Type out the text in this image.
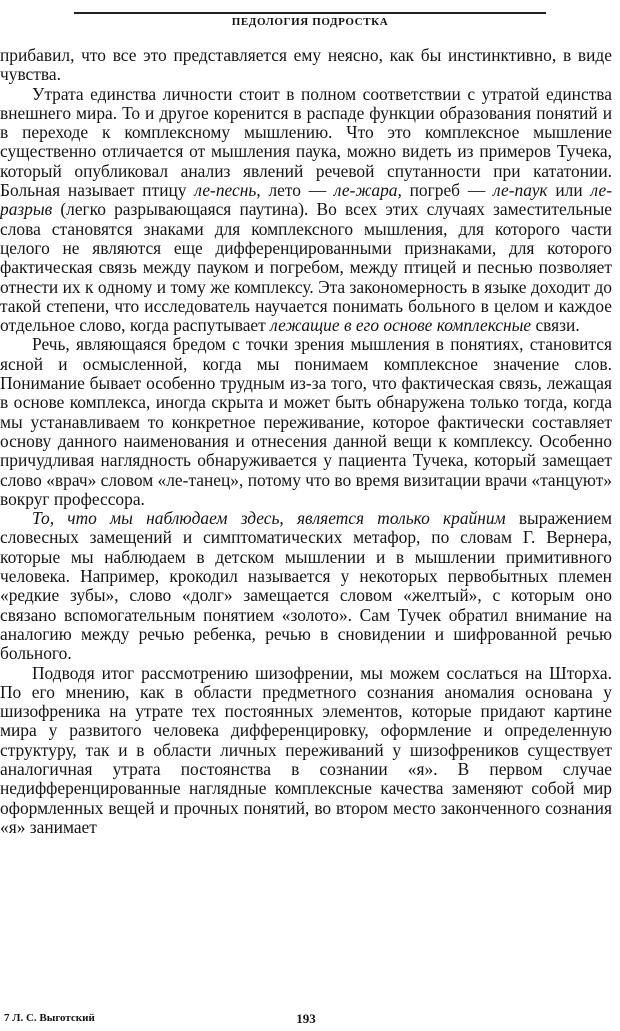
ПЕДОЛОГИЯ ПОДРОСТКА

прибавил, что все это представляется ему неясно, как бы инстинктивно, в виде чувства.

Утрата единства личности стоит в полном соответствии с утратой единства внешнего мира. То и другое коренится в распаде функции образования понятий и в переходе к комплексному мышлению. Что это комплексное мышление существенно отличается от мышления паука, можно видеть из примеров Тучека, который опубликовал анализ явлений речевой спутанности при кататонии. Больная называет птицу ле-песнь, лето — ле-жара, погреб — ле-паук или ле-разрыв (легко разрывающаяся паутина). Во всех этих случаях заместительные слова становятся знаками для комплексного мышления, для которого части целого не являются еще дифференцированными признаками, для которого фактическая связь между пауком и погребом, между птицей и песнью позволяет отнести их к одному и тому же комплексу. Эта закономерность в языке доходит до такой степени, что исследователь научается понимать больного в целом и каждое отдельное слово, когда распутывает лежащие в его основе комплексные связи.

Речь, являющаяся бредом с точки зрения мышления в понятиях, становится ясной и осмысленной, когда мы понимаем комплексное значение слов. Понимание бывает особенно трудным из-за того, что фактическая связь, лежащая в основе комплекса, иногда скрыта и может быть обнаружена только тогда, когда мы устанавливаем то конкретное переживание, которое фактически составляет основу данного наименования и отнесения данной вещи к комплексу. Особенно причудливая наглядность обнаруживается у пациента Тучека, который замещает слово «врач» словом «ле-танец», потому что во время визитации врачи «танцуют» вокруг профессора.

То, что мы наблюдаем здесь, является только крайним выражением словесных замещений и симптоматических метафор, по словам Г. Вернера, которые мы наблюдаем в детском мышлении и в мышлении примитивного человека. Например, крокодил называется у некоторых первобытных племен «редкие зубы», слово «долг» замещается словом «желтый», с которым оно связано вспомогательным понятием «золото». Сам Тучек обратил внимание на аналогию между речью ребенка, речью в сновидении и шифрованной речью больного.

Подводя итог рассмотрению шизофрении, мы можем сослаться на Шторха. По его мнению, как в области предметного сознания аномалия основана у шизофреника на утрате тех постоянных элементов, которые придают картине мира у развитого человека дифференцировку, оформление и определенную структуру, так и в области личных переживаний у шизофреников существует аналогичная утрата постоянства в сознании «я». В первом случае недифференцированные наглядные комплексные качества заменяют собой мир оформленных вещей и прочных понятий, во втором место законченного сознания «я» занимает

7 Л. С. Выготский	193
